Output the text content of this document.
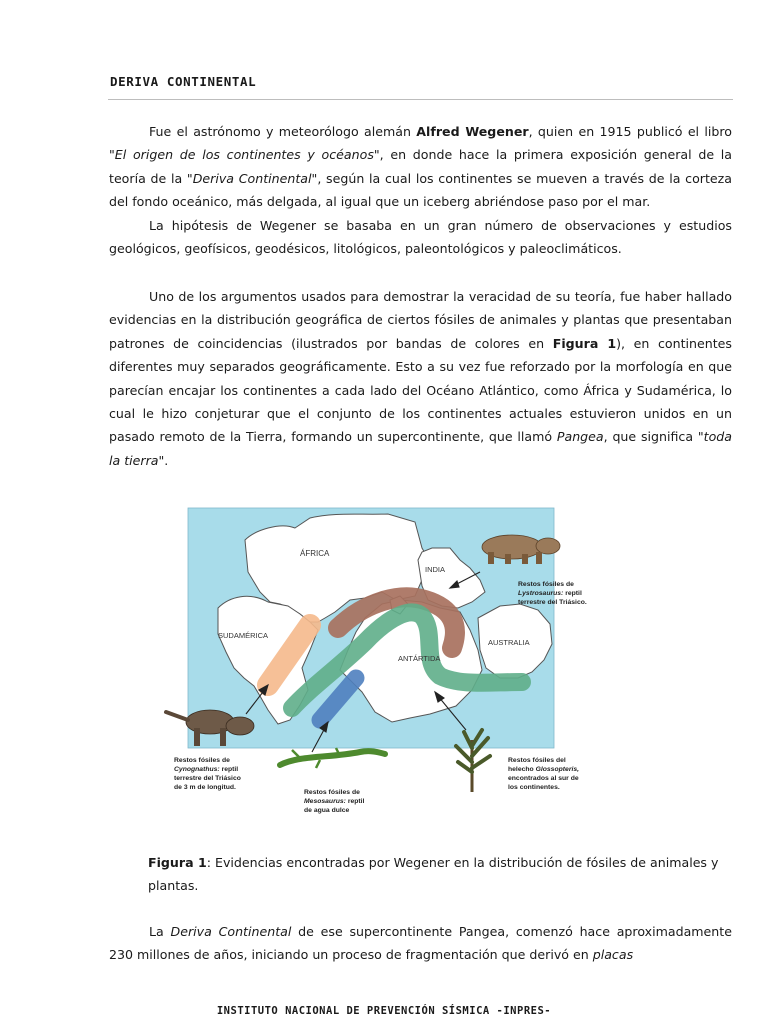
DERIVA CONTINENTAL

Fue el astrónomo y meteorólogo alemán Alfred Wegener, quien en 1915 publicó el libro "El origen de los continentes y océanos", en donde hace la primera exposición general de la teoría de la "Deriva Continental", según la cual los continentes se mueven a través de la corteza del fondo oceánico, más delgada, al igual que un iceberg abriéndose paso por el mar.

La hipótesis de Wegener se basaba en un gran número de observaciones y estudios geológicos, geofísicos, geodésicos, litológicos, paleontológicos y paleoclimáticos.

Uno de los argumentos usados para demostrar la veracidad de su teoría, fue haber hallado evidencias en la distribución geográfica de ciertos fósiles de animales y plantas que presentaban patrones de coincidencias (ilustrados por bandas de colores en Figura 1), en continentes diferentes muy separados geográficamente. Esto a su vez fue reforzado por la morfología en que parecían encajar los continentes a cada lado del Océano Atlántico, como África y Sudamérica, lo cual le hizo conjeturar que el conjunto de los continentes actuales estuvieron unidos en un pasado remoto de la Tierra, formando un supercontinente, que llamó Pangea, que significa "toda la tierra".

ÁFRICA
INDIA
SUDAMÉRICA
ANTÁRTIDA
AUSTRALIA
Restos fósiles de Lystrosaurus: reptil terrestre del Triásico.
Restos fósiles de Cynognathus: reptil terrestre del Triásico de 3 m de longitud.
Restos fósiles de Mesosaurus: reptil de agua dulce
Restos fósiles del helecho Glossopteris, encontrados al sur de los continentes.
Figura 1: Evidencias encontradas por Wegener en la distribución de fósiles de animales y plantas.

La Deriva Continental de ese supercontinente Pangea, comenzó hace aproximadamente 230 millones de años, iniciando un proceso de fragmentación que derivó en placas

INSTITUTO NACIONAL DE PREVENCIÓN SÍSMICA -INPRES-
